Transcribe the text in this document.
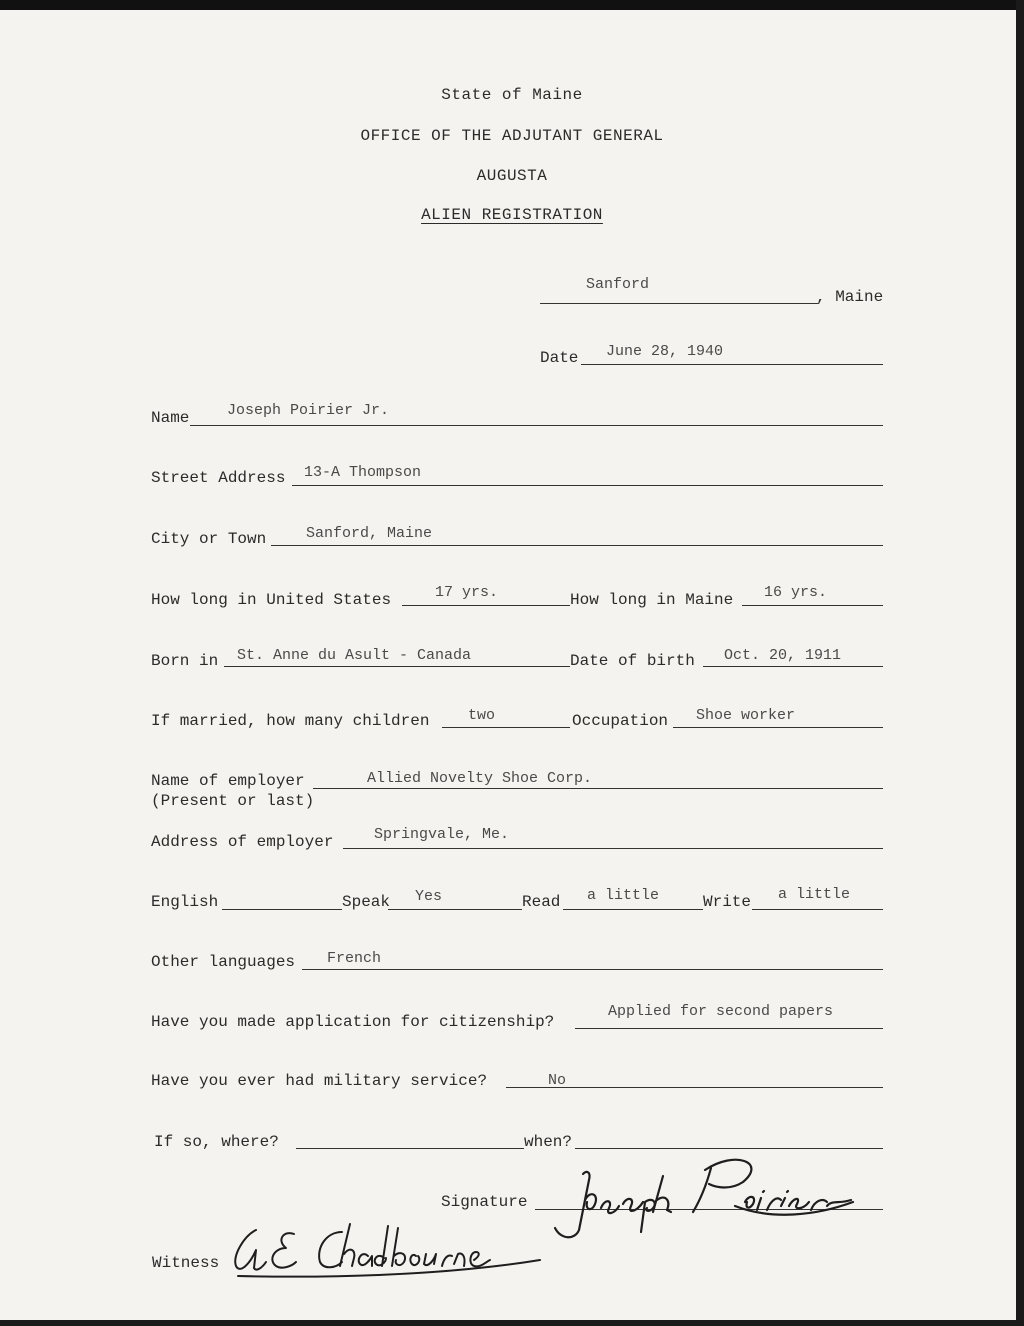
State of Maine
OFFICE OF THE ADJUTANT GENERAL
AUGUSTA
ALIEN REGISTRATION
Sanford
, Maine
Date June 28, 1940
Name	Joseph Poirier Jr.
Street Address 13-A Thompson
City or Town	Sanford, Maine
How long in United States	17 yrs.	How long in Maine 16 yrs.
Born in St. Anne du Asult - Canada	Date of birth Oct. 20, 1911
If married, how many children	two	Occupation Shoe worker
Name of employer
(Present or last)
Allied Novelty Shoe Corp.
Address of employer	Springvale, Me.
English	Speak Yes	Read a little	Write a little
Other languages French
Have you made application for citizenship?
Applied for second papers
Have you ever had military service?	No
If so, where?	when?
Signature
Witness
